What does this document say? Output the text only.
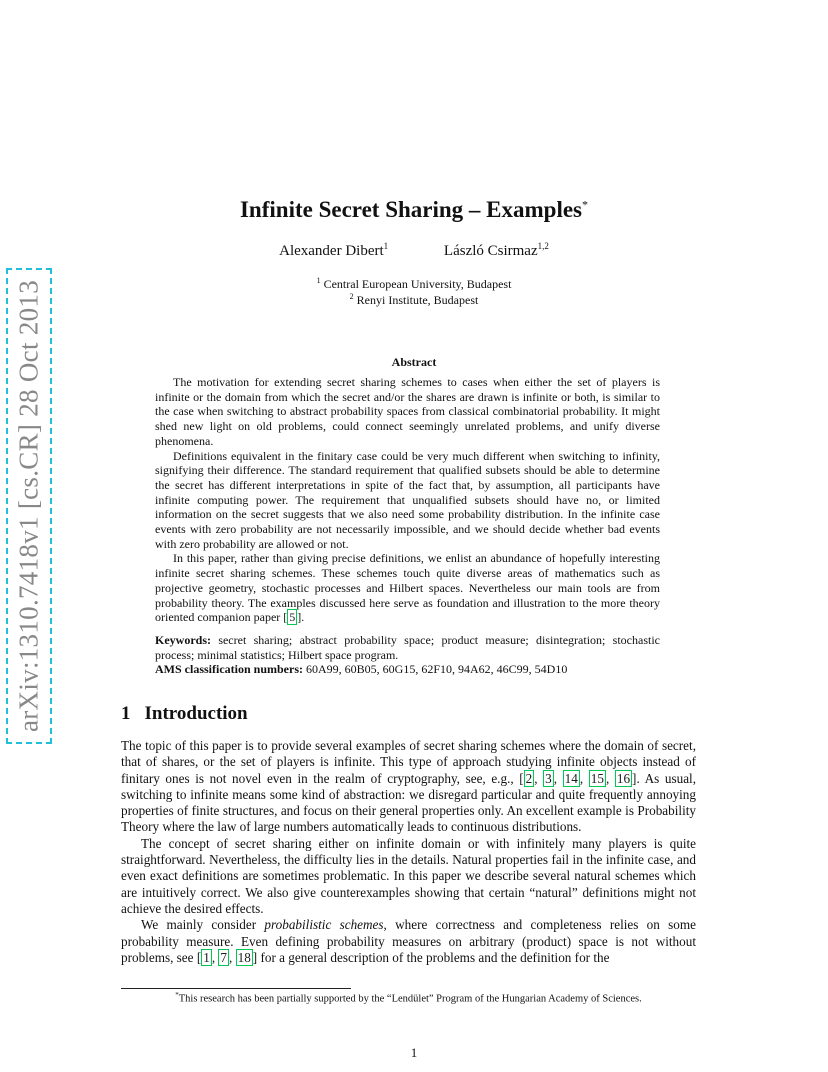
arXiv:1310.7418v1 [cs.CR] 28 Oct 2013
Infinite Secret Sharing – Examples*
Alexander Dibert$^1$	László Csirmaz$^{1,2}$
$^1$ Central European University, Budapest
$^2$ Renyi Institute, Budapest
Abstract

The motivation for extending secret sharing schemes to cases when either the set of players is infinite or the domain from which the secret and/or the shares are drawn is infinite or both, is similar to the case when switching to abstract probability spaces from classical combinatorial probability. It might shed new light on old problems, could connect seemingly unrelated problems, and unify diverse phenomena.

Definitions equivalent in the finitary case could be very much different when switching to infinity, signifying their difference. The standard requirement that qualified subsets should be able to determine the secret has different interpretations in spite of the fact that, by assumption, all participants have infinite computing power. The requirement that unqualified subsets should have no, or limited information on the secret suggests that we also need some probability distribution. In the infinite case events with zero probability are not necessarily impossible, and we should decide whether bad events with zero probability are allowed or not.

In this paper, rather than giving precise definitions, we enlist an abundance of hopefully interesting infinite secret sharing schemes. These schemes touch quite diverse areas of mathematics such as projective geometry, stochastic processes and Hilbert spaces. Nevertheless our main tools are from probability theory. The examples discussed here serve as foundation and illustration to the more theory oriented companion paper [ 5 ].

Keywords: secret sharing; abstract probability space; product measure; disintegration; stochastic process; minimal statistics; Hilbert space program.

AMS classification numbers: 60A99, 60B05, 60G15, 62F10, 94A62, 46C99, 54D10

1 Introduction

The topic of this paper is to provide several examples of secret sharing schemes where the domain of secret, that of shares, or the set of players is infinite. This type of approach studying infinite objects instead of finitary ones is not novel even in the realm of cryptography, see, e.g., [ 2 , 3 , 14 , 15 , 16 ]. As usual, switching to infinite means some kind of abstraction: we disregard particular and quite frequently annoying properties of finite structures, and focus on their general properties only. An excellent example is Probability Theory where the law of large numbers automatically leads to continuous distributions.

The concept of secret sharing either on infinite domain or with infinitely many players is quite straightforward. Nevertheless, the difficulty lies in the details. Natural properties fail in the infinite case, and even exact definitions are sometimes problematic. In this paper we describe several natural schemes which are intuitively correct. We also give counterexamples showing that certain “natural” definitions might not achieve the desired effects.

We mainly consider probabilistic schemes, where correctness and completeness relies on some probability measure. Even defining probability measures on arbitrary (product) space is not without problems, see [ 1 , 7 , 18 ] for a general description of the problems and the definition for the

*This research has been partially supported by the “Lendület” Program of the Hungarian Academy of Sciences.
1
